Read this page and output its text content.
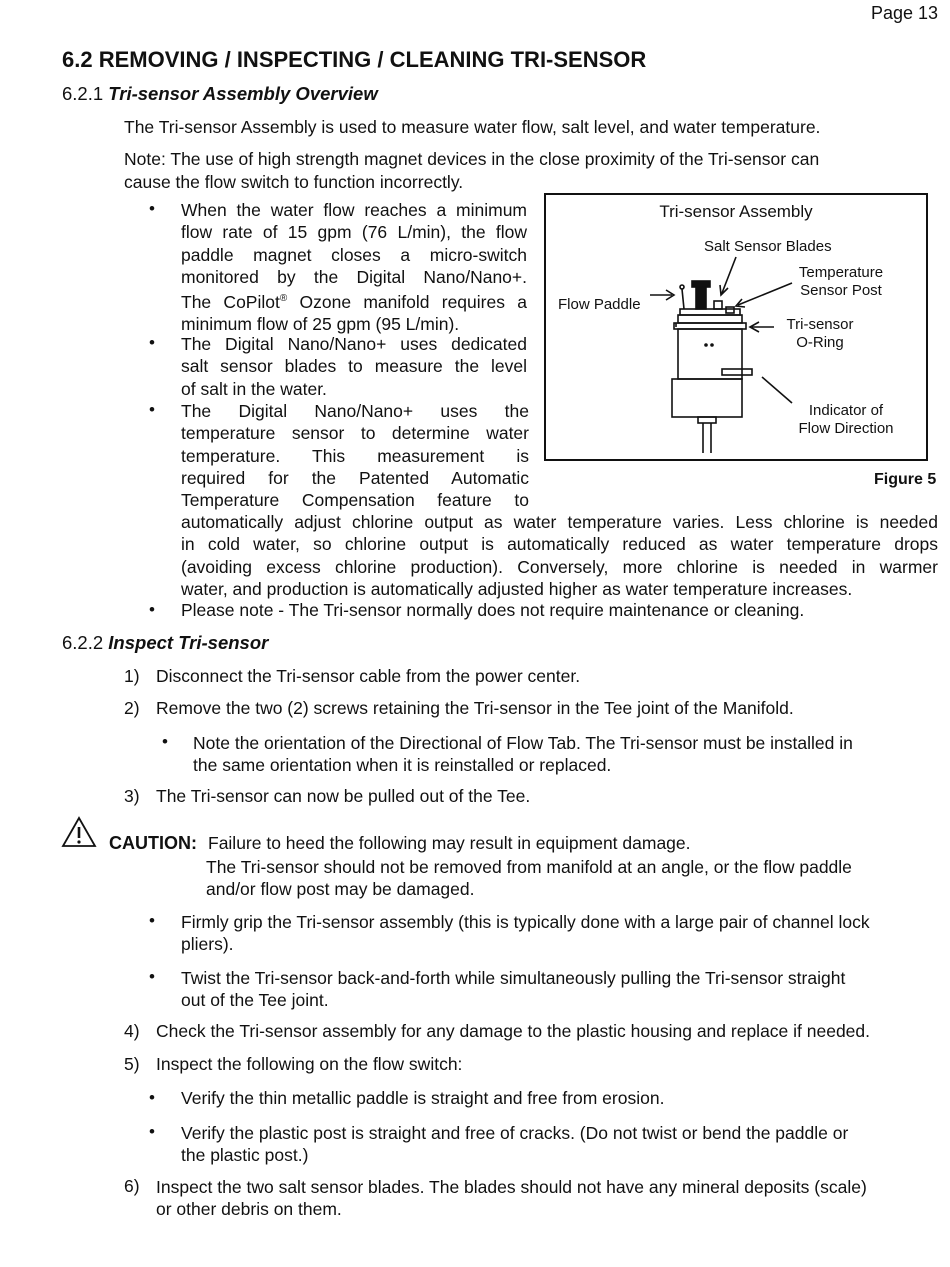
Page 13
6.2 REMOVING / INSPECTING / CLEANING TRI-SENSOR
6.2.1 Tri-sensor Assembly Overview
The Tri-sensor Assembly is used to measure water flow, salt level, and water temperature.
Note: The use of high strength magnet devices in the close proximity of the Tri-sensor can
cause the flow switch to function incorrectly.
• When the water flow reaches a minimum
flow rate of 15 gpm (76 L/min), the flow
paddle magnet closes a micro-switch
monitored by the Digital Nano/Nano+.
The CoPilot® Ozone manifold requires a
minimum flow of 25 gpm (95 L/min).
• The Digital Nano/Nano+ uses dedicated
salt sensor blades to measure the level
of salt in the water.
• The Digital Nano/Nano+ uses the
temperature sensor to determine water
temperature. This measurement is
required for the Patented Automatic
Temperature Compensation feature to
automatically adjust chlorine output as water temperature varies. Less chlorine is needed
in cold water, so chlorine output is automatically reduced as water temperature drops
(avoiding excess chlorine production). Conversely, more chlorine is needed in warmer
water, and production is automatically adjusted higher as water temperature increases.
• Please note - The Tri-sensor normally does not require maintenance or cleaning.
Tri-sensor Assembly
Salt Sensor Blades
Temperature
Sensor Post
Flow Paddle
Tri-sensor
O-Ring
Indicator of
Flow Direction
Figure 5
6.2.2 Inspect Tri-sensor
1) Disconnect the Tri-sensor cable from the power center.
2) Remove the two (2) screws retaining the Tri-sensor in the Tee joint of the Manifold.
• Note the orientation of the Directional of Flow Tab. The Tri-sensor must be installed in
the same orientation when it is reinstalled or replaced.
3) The Tri-sensor can now be pulled out of the Tee.
CAUTION: Failure to heed the following may result in equipment damage.
The Tri-sensor should not be removed from manifold at an angle, or the flow paddle
and/or flow post may be damaged.
• Firmly grip the Tri-sensor assembly (this is typically done with a large pair of channel lock
pliers).
• Twist the Tri-sensor back-and-forth while simultaneously pulling the Tri-sensor straight
out of the Tee joint.
4) Check the Tri-sensor assembly for any damage to the plastic housing and replace if needed.
5) Inspect the following on the flow switch:
• Verify the thin metallic paddle is straight and free from erosion.
• Verify the plastic post is straight and free of cracks. (Do not twist or bend the paddle or
the plastic post.)
6) Inspect the two salt sensor blades. The blades should not have any mineral deposits (scale)
or other debris on them.
